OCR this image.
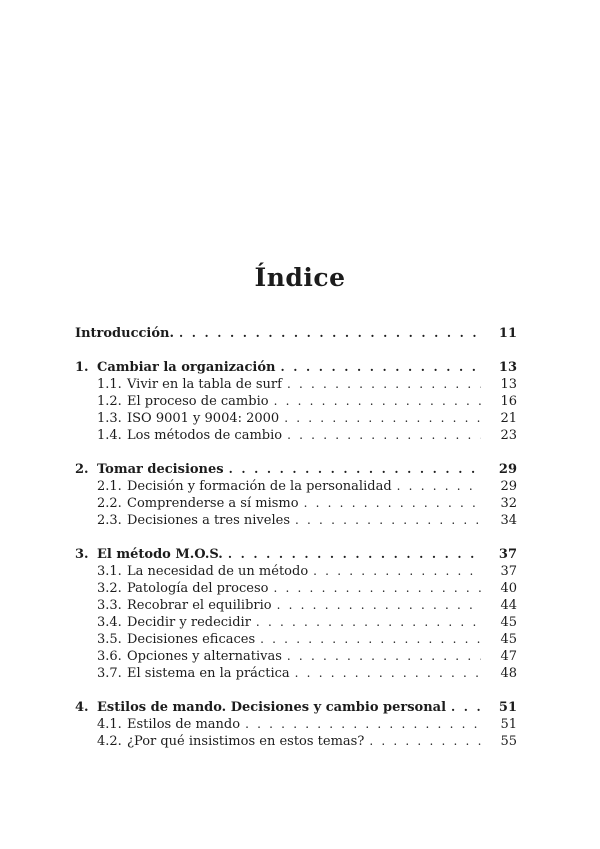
Índice
Introducción. . . .	11
1. Cambiar la organización . . .	13
1.1. Vivir en la tabla de surf . . .	13
1.2. El proceso de cambio . . .	16
1.3. ISO 9001 y 9004: 2000 . . .	21
1.4. Los métodos de cambio . . .	23
2. Tomar decisiones . . .	29
2.1. Decisión y formación de la personalidad . . .	29
2.2. Comprenderse a sí mismo . . .	32
2.3. Decisiones a tres niveles . . .	34
3. El método M.O.S. . . .	37
3.1. La necesidad de un método . . .	37
3.2. Patología del proceso . . .	40
3.3. Recobrar el equilibrio . . .	44
3.4. Decidir y redecidir . . .	45
3.5. Decisiones eficaces . . .	45
3.6. Opciones y alternativas . . .	47
3.7. El sistema en la práctica . . .	48
4. Estilos de mando. Decisiones y cambio personal . . .	51
4.1. Estilos de mando . . .	51
4.2. ¿Por qué insistimos en estos temas? . . .	55
